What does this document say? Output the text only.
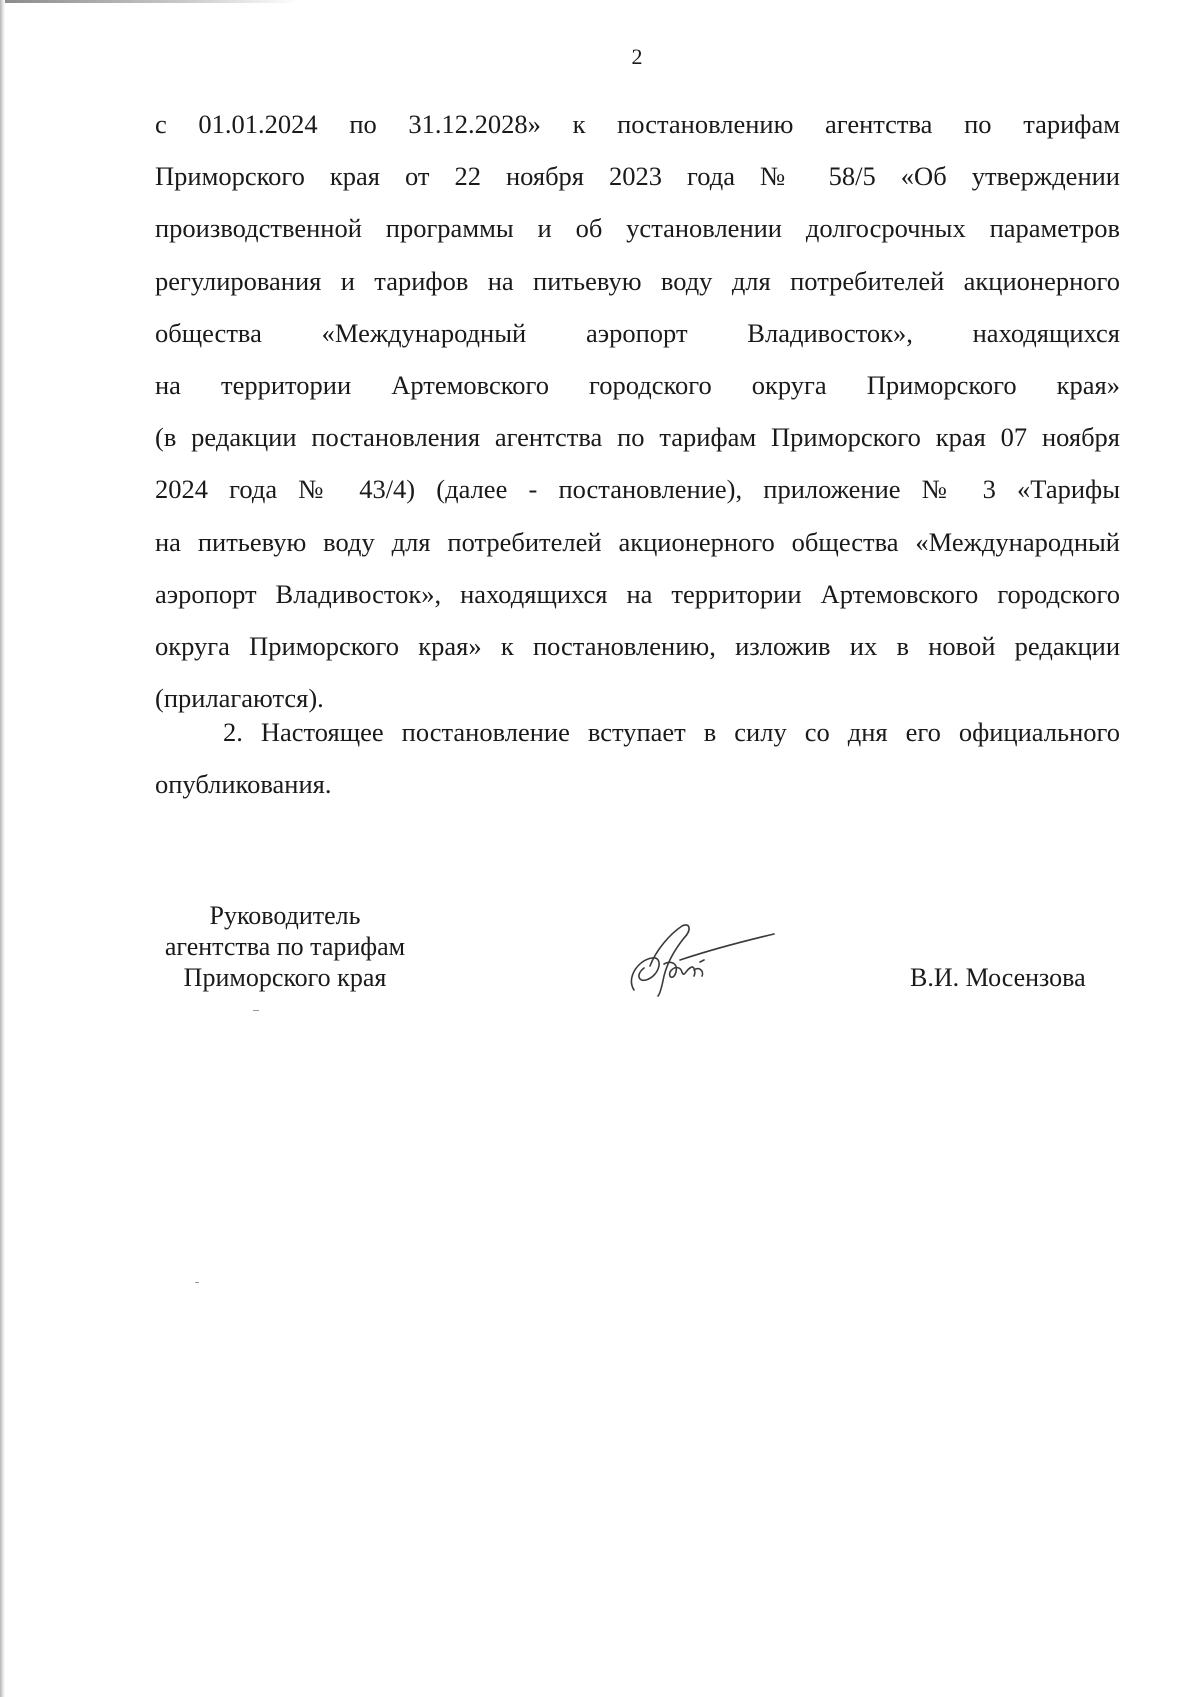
2
с 01.01.2024 по 31.12.2028» к постановлению агентства по тарифам
Приморского края от 22 ноября 2023 года № 58/5 «Об утверждении
производственной программы и об установлении долгосрочных параметров
регулирования и тарифов на питьевую воду для потребителей акционерного
общества «Международный аэропорт Владивосток», находящихся
на территории Артемовского городского округа Приморского края»
(в редакции постановления агентства по тарифам Приморского края 07 ноября
2024 года № 43/4) (далее - постановление), приложение № 3 «Тарифы
на питьевую воду для потребителей акционерного общества «Международный
аэропорт Владивосток», находящихся на территории Артемовского городского
округа Приморского края» к постановлению, изложив их в новой редакции
(прилагаются).
2. Настоящее постановление вступает в силу со дня его официального
опубликования.
Руководитель
агентства по тарифам
Приморского края	В.И. Мосензова
